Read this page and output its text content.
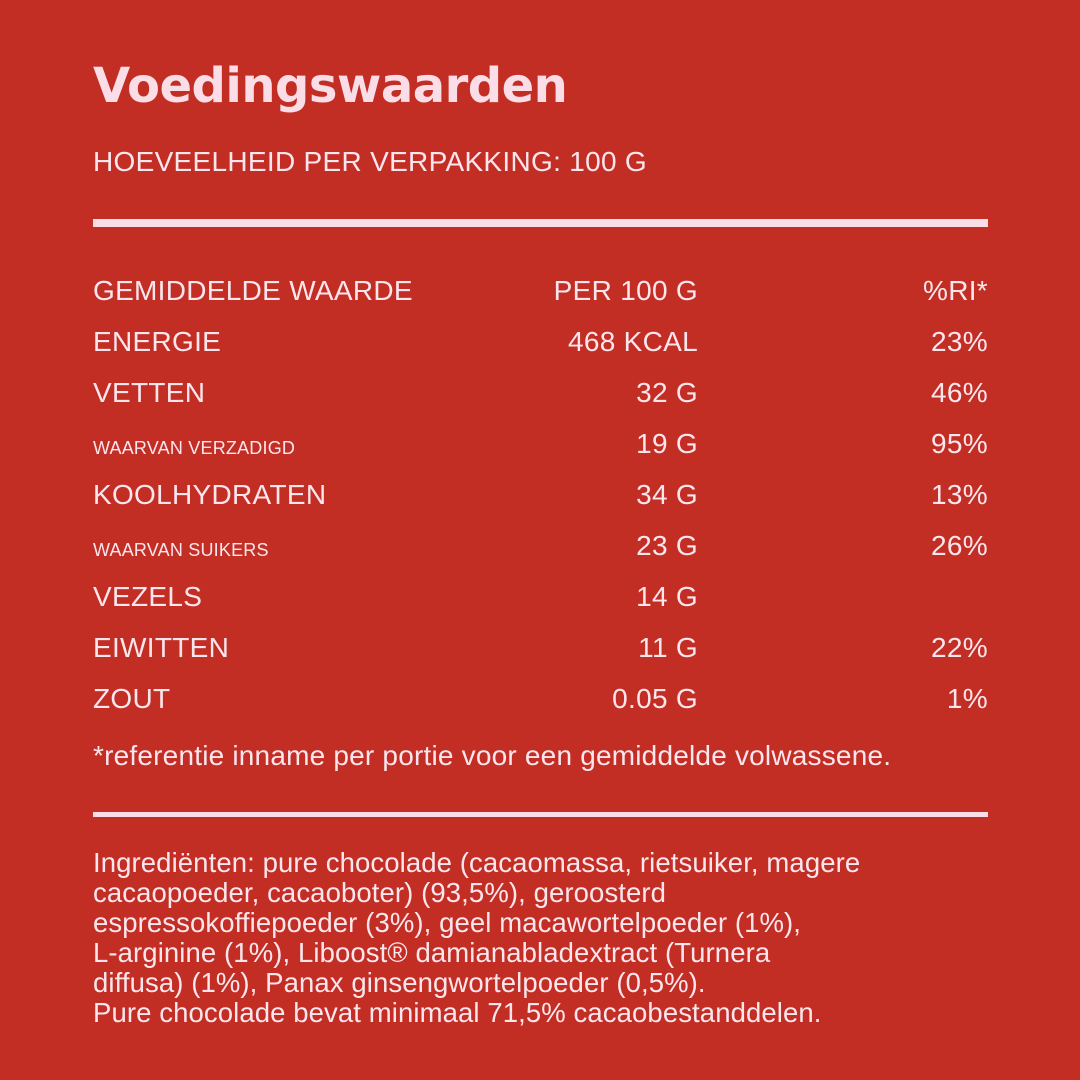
Voedingswaarden
HOEVEELHEID PER VERPAKKING: 100 G
GEMIDDELDE WAARDE	PER 100 G	%RI*
ENERGIE	468 KCAL	23%
VETTEN	32 G	46%
WAARVAN VERZADIGD	19 G	95%
KOOLHYDRATEN	34 G	13%
WAARVAN SUIKERS	23 G	26%
VEZELS	14 G
EIWITTEN	11 G	22%
ZOUT	0.05 G	1%
*referentie inname per portie voor een gemiddelde volwassene.
Ingrediënten: pure chocolade (cacaomassa, rietsuiker, magere
cacaopoeder, cacaoboter) (93,5%), geroosterd
espressokoffiepoeder (3%), geel macawortelpoeder (1%),
L-arginine (1%), Liboost® damianabladextract (Turnera
diffusa) (1%), Panax ginsengwortelpoeder (0,5%).
Pure chocolade bevat minimaal 71,5% cacaobestanddelen.
